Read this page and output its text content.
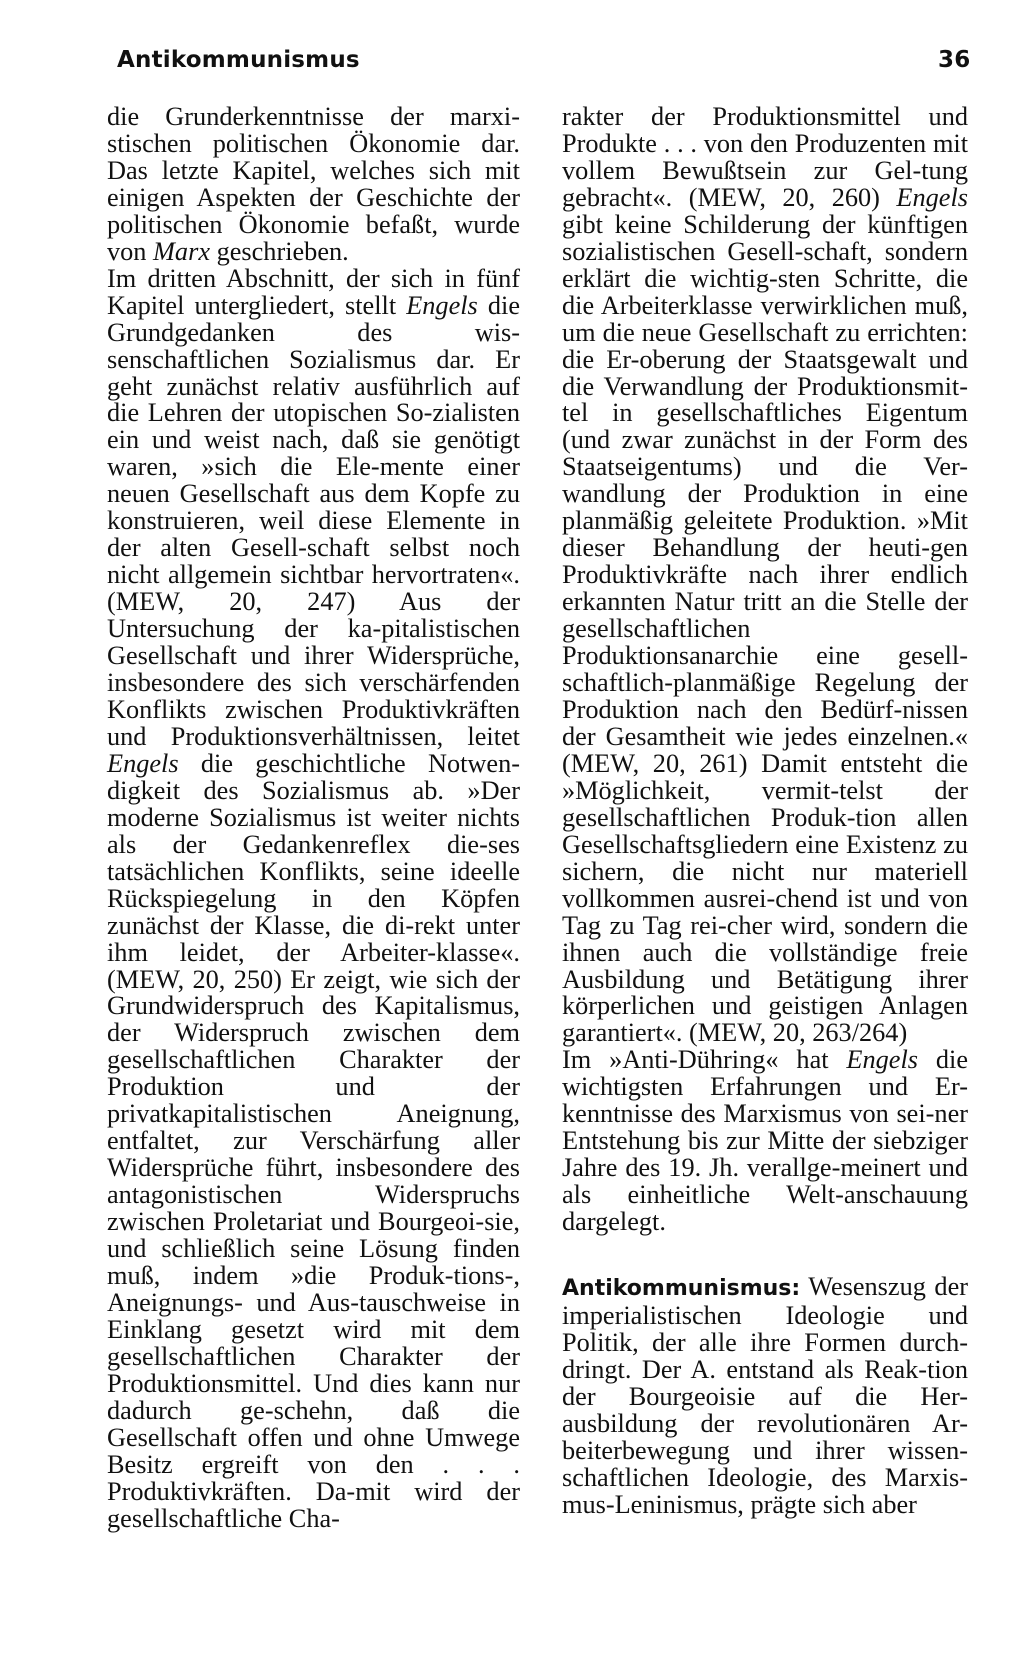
Antikommunismus	36

die Grunderkenntnisse der marxi-stischen politischen Ökonomie dar. Das letzte Kapitel, welches sich mit einigen Aspekten der Geschichte der politischen Ökonomie befaßt, wurde von Marx geschrieben.

Im dritten Abschnitt, der sich in fünf Kapitel untergliedert, stellt Engels die Grundgedanken des wis-senschaftlichen Sozialismus dar. Er geht zunächst relativ ausführlich auf die Lehren der utopischen So-zialisten ein und weist nach, daß sie genötigt waren, »sich die Ele-mente einer neuen Gesellschaft aus dem Kopfe zu konstruieren, weil diese Elemente in der alten Gesell-schaft selbst noch nicht allgemein sichtbar hervortraten«. (MEW, 20, 247) Aus der Untersuchung der ka-pitalistischen Gesellschaft und ihrer Widersprüche, insbesondere des sich verschärfenden Konflikts zwischen Produktivkräften und Produktionsverhältnissen, leitet Engels die geschichtliche Notwen-digkeit des Sozialismus ab. »Der moderne Sozialismus ist weiter nichts als der Gedankenreflex die-ses tatsächlichen Konflikts, seine ideelle Rückspiegelung in den Köpfen zunächst der Klasse, die di-rekt unter ihm leidet, der Arbeiter-klasse«. (MEW, 20, 250) Er zeigt, wie sich der Grundwiderspruch des Kapitalismus, der Widerspruch zwischen dem gesellschaftlichen Charakter der Produktion und der privatkapitalistischen Aneignung, entfaltet, zur Verschärfung aller Widersprüche führt, insbesondere des antagonistischen Widerspruchs zwischen Proletariat und Bourgeoi-sie, und schließlich seine Lösung finden muß, indem »die Produk-tions-, Aneignungs- und Aus-tauschweise in Einklang gesetzt wird mit dem gesellschaftlichen Charakter der Produktionsmittel. Und dies kann nur dadurch ge-schehn, daß die Gesellschaft offen und ohne Umwege Besitz ergreift von den . . . Produktivkräften. Da-mit wird der gesellschaftliche Cha-

rakter der Produktionsmittel und Produkte . . . von den Produzenten mit vollem Bewußtsein zur Gel-tung gebracht«. (MEW, 20, 260) Engels gibt keine Schilderung der künftigen sozialistischen Gesell-schaft, sondern erklärt die wichtig-sten Schritte, die die Arbeiterklasse verwirklichen muß, um die neue Gesellschaft zu errichten: die Er-oberung der Staatsgewalt und die Verwandlung der Produktionsmit-tel in gesellschaftliches Eigentum (und zwar zunächst in der Form des Staatseigentums) und die Ver-wandlung der Produktion in eine planmäßig geleitete Produktion. »Mit dieser Behandlung der heuti-gen Produktivkräfte nach ihrer endlich erkannten Natur tritt an die Stelle der gesellschaftlichen Produktionsanarchie eine gesell-schaftlich-planmäßige Regelung der Produktion nach den Bedürf-nissen der Gesamtheit wie jedes einzelnen.« (MEW, 20, 261) Damit entsteht die »Möglichkeit, vermit-telst der gesellschaftlichen Produk-tion allen Gesellschaftsgliedern eine Existenz zu sichern, die nicht nur materiell vollkommen ausrei-chend ist und von Tag zu Tag rei-cher wird, sondern die ihnen auch die vollständige freie Ausbildung und Betätigung ihrer körperlichen und geistigen Anlagen garantiert«. (MEW, 20, 263/264)

Im »Anti-Dühring« hat Engels die wichtigsten Erfahrungen und Er-kenntnisse des Marxismus von sei-ner Entstehung bis zur Mitte der siebziger Jahre des 19. Jh. verallge-meinert und als einheitliche Welt-anschauung dargelegt.

Antikommunismus: Wesenszug der imperialistischen Ideologie und Politik, der alle ihre Formen durch-dringt. Der A. entstand als Reak-tion der Bourgeoisie auf die Her-ausbildung der revolutionären Ar-beiterbewegung und ihrer wissen-schaftlichen Ideologie, des Marxis-mus-Leninismus, prägte sich aber
